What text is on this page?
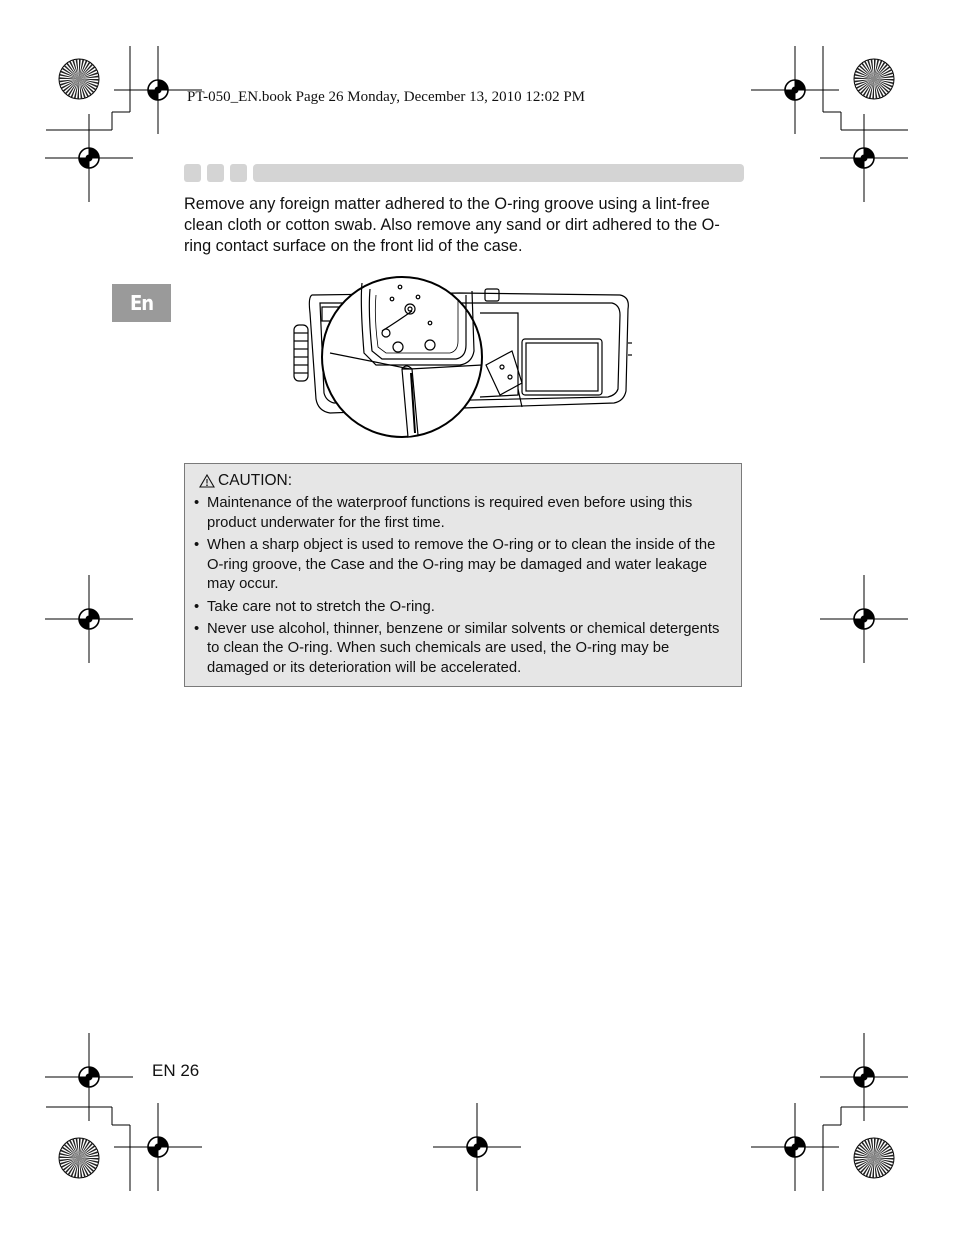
PT-050_EN.book Page 26 Monday, December 13, 2010 12:02 PM
Remove any foreign matter adhered to the O-ring groove using a lint-free clean cloth or cotton swab. Also remove any sand or dirt adhered to the O-ring contact surface on the front lid of the case.
En
CAUTION:
• Maintenance of the waterproof functions is required even before using this product underwater for the first time.
• When a sharp object is used to remove the O-ring or to clean the inside of the O-ring groove, the Case and the O-ring may be damaged and water leakage may occur.
• Take care not to stretch the O-ring.
• Never use alcohol, thinner, benzene or similar solvents or chemical detergents to clean the O-ring. When such chemicals are used, the O-ring may be damaged or its deterioration will be accelerated.
EN 26
